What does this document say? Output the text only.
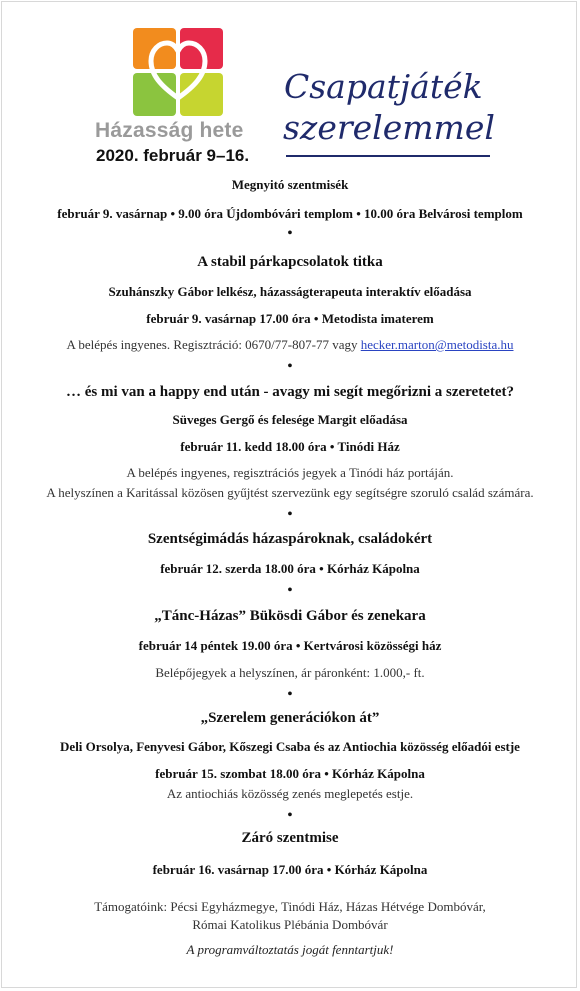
Házasság hete
2020. február 9–16.
Csapatjáték
szerelemmel
Megnyitó szentmisék
február 9. vasárnap • 9.00 óra Újdombóvári templom • 10.00 óra Belvárosi templom
•
A stabil párkapcsolatok titka
Szuhánszky Gábor lelkész, házasságterapeuta interaktív előadása
február 9. vasárnap 17.00 óra • Metodista imaterem
A belépés ingyenes. Regisztráció: 0670/77-807-77 vagy hecker.marton@metodista.hu
•
… és mi van a happy end után - avagy mi segít megőrizni a szeretetet?
Süveges Gergő és felesége Margit előadása
február 11. kedd 18.00 óra • Tinódi Ház
A belépés ingyenes, regisztrációs jegyek a Tinódi ház portáján.
A helyszínen a Karitással közösen gyűjtést szervezünk egy segítségre szoruló család számára.
•
Szentségimádás házaspároknak, családokért
február 12. szerda 18.00 óra • Kórház Kápolna
•
„Tánc-Házas” Bükösdi Gábor és zenekara
február 14 péntek 19.00 óra • Kertvárosi közösségi ház
Belépőjegyek a helyszínen, ár páronként: 1.000,- ft.
•
„Szerelem generációkon át”
Deli Orsolya, Fenyvesi Gábor, Kőszegi Csaba és az Antiochia közösség előadói estje
február 15. szombat 18.00 óra • Kórház Kápolna
Az antiochiás közösség zenés meglepetés estje.
•
Záró szentmise
február 16. vasárnap 17.00 óra • Kórház Kápolna
Támogatóink: Pécsi Egyházmegye, Tinódi Ház, Házas Hétvége Dombóvár,
Római Katolikus Plébánia Dombóvár
A programváltoztatás jogát fenntartjuk!
